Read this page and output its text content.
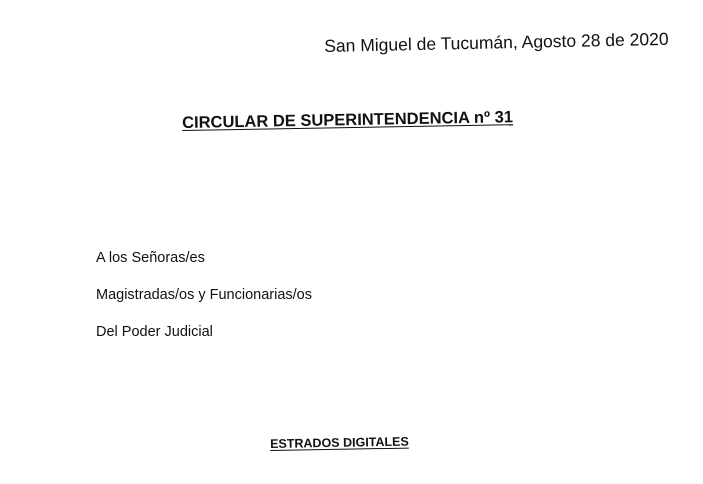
San Miguel de Tucumán, Agosto 28 de 2020
CIRCULAR DE SUPERINTENDENCIA nº 31
A los Señoras/es
Magistradas/os y Funcionarias/os
Del Poder Judicial
ESTRADOS DIGITALES
